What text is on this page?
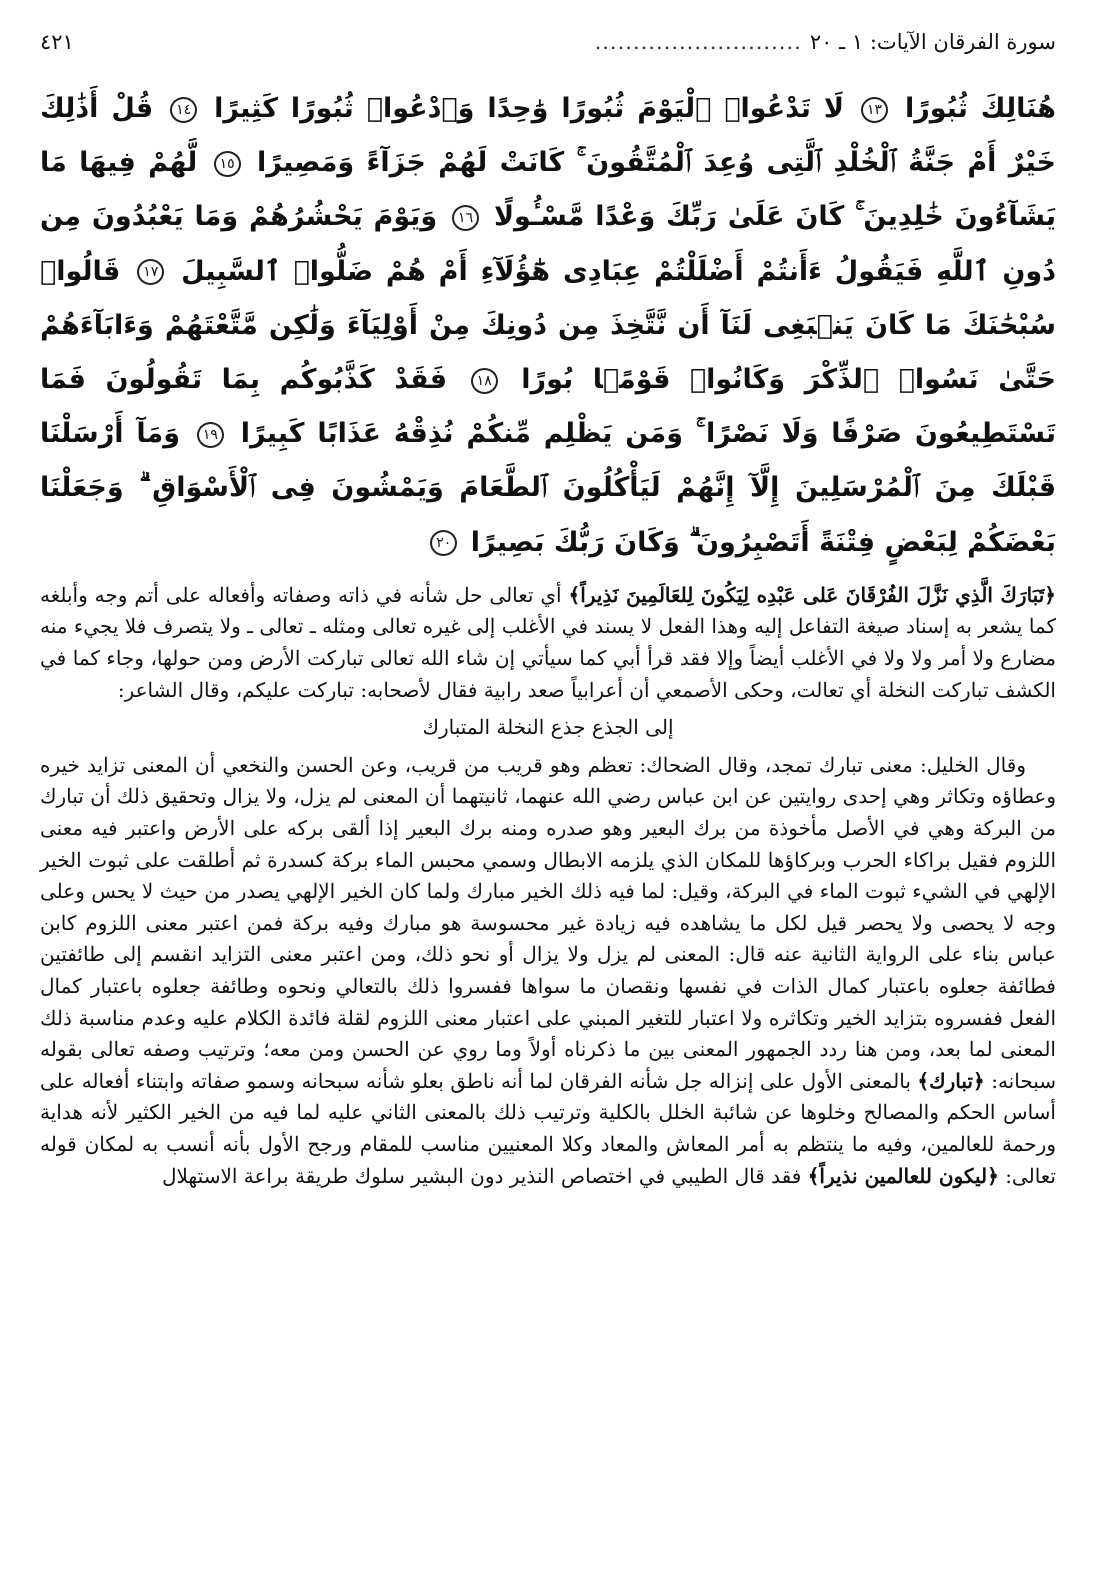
سورة الفرقان الآيات: ١ ـ ٢٠
...........................
٤٢١
هُنَالِكَ ثُبُورًا ١٣ لَا تَدْعُوا۟ ٱلْيَوْمَ ثُبُورًا وَٰحِدًا وَٱدْعُوا۟ ثُبُورًا كَثِيرًا ١٤ قُلْ أَذَٰلِكَ خَيْرٌ أَمْ جَنَّةُ ٱلْخُلْدِ ٱلَّتِى وُعِدَ ٱلْمُتَّقُونَ ۚ كَانَتْ لَهُمْ جَزَآءً وَمَصِيرًا ١٥ لَّهُمْ فِيهَا مَا يَشَآءُونَ خَٰلِدِينَ ۚ كَانَ عَلَىٰ رَبِّكَ وَعْدًا مَّسْـُٔولًا ١٦ وَيَوْمَ يَحْشُرُهُمْ وَمَا يَعْبُدُونَ مِن دُونِ ٱللَّهِ فَيَقُولُ ءَأَنتُمْ أَضْلَلْتُمْ عِبَادِى هَٰٓؤُلَآءِ أَمْ هُمْ ضَلُّوا۟ ٱلسَّبِيلَ ١٧ قَالُوا۟ سُبْحَٰنَكَ مَا كَانَ يَنۢبَغِى لَنَآ أَن نَّتَّخِذَ مِن دُونِكَ مِنْ أَوْلِيَآءَ وَلَٰكِن مَّتَّعْتَهُمْ وَءَابَآءَهُمْ حَتَّىٰ نَسُوا۟ ٱلذِّكْرَ وَكَانُوا۟ قَوْمًۢا بُورًا ١٨ فَقَدْ كَذَّبُوكُم بِمَا تَقُولُونَ فَمَا تَسْتَطِيعُونَ صَرْفًا وَلَا نَصْرًا ۚ وَمَن يَظْلِم مِّنكُمْ نُذِقْهُ عَذَابًا كَبِيرًا ١٩ وَمَآ أَرْسَلْنَا قَبْلَكَ مِنَ ٱلْمُرْسَلِينَ إِلَّآ إِنَّهُمْ لَيَأْكُلُونَ ٱلطَّعَامَ وَيَمْشُونَ فِى ٱلْأَسْوَاقِ ۗ وَجَعَلْنَا بَعْضَكُمْ لِبَعْضٍ فِتْنَةً أَتَصْبِرُونَ ۗ وَكَانَ رَبُّكَ بَصِيرًا ٢٠

﴿تَبَارَكَ الَّذِي نَزَّلَ الفُرْقَانَ عَلى عَبْدِه لِيَكُونَ لِلعَالَمِينَ نَذِيراً﴾ أي تعالى حل شأنه في ذاته وصفاته وأفعاله على أتم وجه وأبلغه كما يشعر به إسناد صيغة التفاعل إليه وهذا الفعل لا يسند في الأغلب إلى غيره تعالى ومثله ـ تعالى ـ ولا يتصرف فلا يجيء منه مضارع ولا أمر ولا ولا في الأغلب أيضاً وإلا فقد قرأ أبي كما سيأتي إن شاء الله تعالى تباركت الأرض ومن حولها، وجاء كما في الكشف تباركت النخلة أي تعالت، وحكى الأصمعي أن أعرابياً صعد رابية فقال لأصحابه: تباركت عليكم، وقال الشاعر:

إلى الجذع جذع النخلة المتبارك

وقال الخليل: معنى تبارك تمجد، وقال الضحاك: تعظم وهو قريب من قريب، وعن الحسن والنخعي أن المعنى تزايد خيره وعطاؤه وتكاثر وهي إحدى روايتين عن ابن عباس رضي الله عنهما، ثانيتهما أن المعنى لم يزل، ولا يزال وتحقيق ذلك أن تبارك من البركة وهي في الأصل مأخوذة من برك البعير وهو صدره ومنه برك البعير إذا ألقى بركه على الأرض واعتبر فيه معنى اللزوم فقيل براكاء الحرب وبركاؤها للمكان الذي يلزمه الابطال وسمي محبس الماء بركة كسدرة ثم أطلقت على ثبوت الخير الإلهي في الشيء ثبوت الماء في البركة، وقيل: لما فيه ذلك الخير مبارك ولما كان الخير الإلهي يصدر من حيث لا يحس وعلى وجه لا يحصى ولا يحصر قيل لكل ما يشاهده فيه زيادة غير محسوسة هو مبارك وفيه بركة فمن اعتبر معنى اللزوم كابن عباس بناء على الرواية الثانية عنه قال: المعنى لم يزل ولا يزال أو نحو ذلك، ومن اعتبر معنى التزايد انقسم إلى طائفتين فطائفة جعلوه باعتبار كمال الذات في نفسها ونقصان ما سواها ففسروا ذلك بالتعالي ونحوه وطائفة جعلوه باعتبار كمال الفعل ففسروه بتزايد الخير وتكاثره ولا اعتبار للتغير المبني على اعتبار معنى اللزوم لقلة فائدة الكلام عليه وعدم مناسبة ذلك المعنى لما بعد، ومن هنا ردد الجمهور المعنى بين ما ذكرناه أولاً وما روي عن الحسن ومن معه؛ وترتيب وصفه تعالى بقوله سبحانه: ﴿تبارك﴾ بالمعنى الأول على إنزاله جل شأنه الفرقان لما أنه ناطق بعلو شأنه سبحانه وسمو صفاته وابتناء أفعاله على أساس الحكم والمصالح وخلوها عن شائبة الخلل بالكلية وترتيب ذلك بالمعنى الثاني عليه لما فيه من الخير الكثير لأنه هداية ورحمة للعالمين، وفيه ما ينتظم به أمر المعاش والمعاد وكلا المعنيين مناسب للمقام ورجح الأول بأنه أنسب به لمكان قوله تعالى: ﴿ليكون للعالمين نذيراً﴾ فقد قال الطيبي في اختصاص النذير دون البشير سلوك طريقة براعة الاستهلال
